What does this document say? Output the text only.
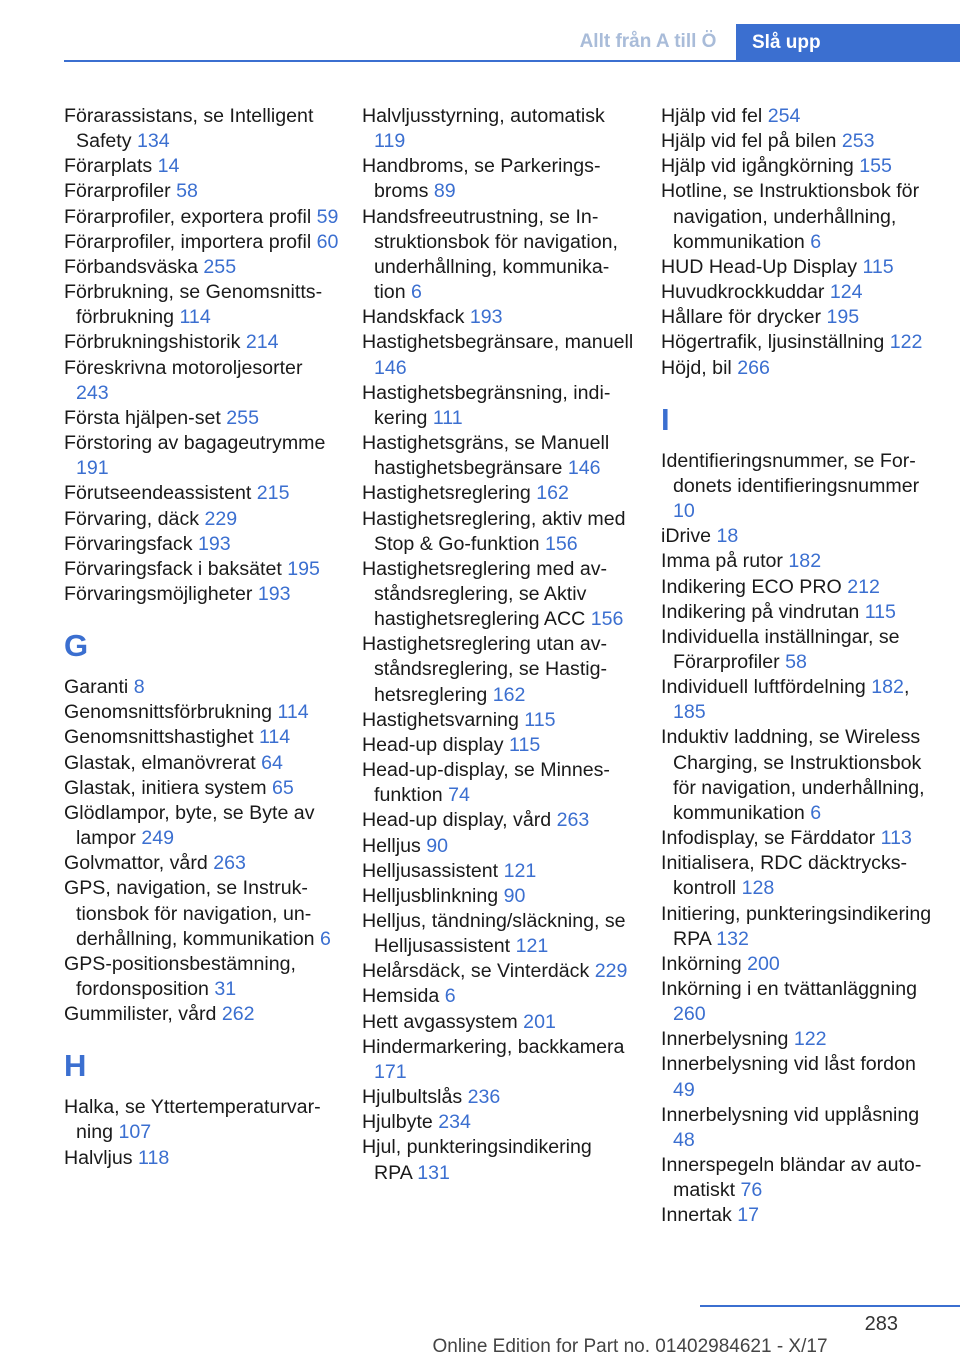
Allt från A till Ö	Slå upp
Förarassistans, se Intelligent Safety 134
Förarplats 14
Förarprofiler 58
Förarprofiler, exportera profil 59
Förarprofiler, importera profil 60
Förbandsväska 255
Förbrukning, se Genomsnittsförbrukning 114
Förbrukningshistorik 214
Föreskrivna motoroljesorter 243
Första hjälpen-set 255
Förstoring av bagageutrymme 191
Förutseendeassistent 215
Förvaring, däck 229
Förvaringsfack 193
Förvaringsfack i baksätet 195
Förvaringsmöjligheter 193
G
Garanti 8
Genomsnittsförbrukning 114
Genomsnittshastighet 114
Glastak, elmanövrerat 64
Glastak, initiera system 65
Glödlampor, byte, se Byte av lampor 249
Golvmattor, vård 263
GPS, navigation, se Instruktionsbok för navigation, underhållning, kommunikation 6
GPS-positionsbestämning, fordonsposition 31
Gummilister, vård 262
H
Halka, se Yttertemperaturvarning 107
Halvljus 118
Halvljusstyrning, automatisk 119
Handbroms, se Parkeringsbroms 89
Handsfreeutrustning, se Instruktionsbok för navigation, underhållning, kommunikation 6
Handskfack 193
Hastighetsbegränsare, manuell 146
Hastighetsbegränsning, indikering 111
Hastighetsgräns, se Manuell hastighetsbegränsare 146
Hastighetsreglering 162
Hastighetsreglering, aktiv med Stop & Go-funktion 156
Hastighetsreglering med avståndsreglering, se Aktiv hastighetsreglering ACC 156
Hastighetsreglering utan avståndsreglering, se Hastighetsreglering 162
Hastighetsvarning 115
Head-up display 115
Head-up-display, se Minnesfunktion 74
Head-up display, vård 263
Helljus 90
Helljusassistent 121
Helljusblinkning 90
Helljus, tändning/släckning, se Helljusassistent 121
Helårsdäck, se Vinterdäck 229
Hemsida 6
Hett avgassystem 201
Hindermarkering, backkamera 171
Hjulbultslås 236
Hjulbyte 234
Hjul, punkteringsindikering RPA 131
Hjälp vid fel 254
Hjälp vid fel på bilen 253
Hjälp vid igångkörning 155
Hotline, se Instruktionsbok för navigation, underhållning, kommunikation 6
HUD Head-Up Display 115
Huvudkrockkuddar 124
Hållare för drycker 195
Högertrafik, ljusinställning 122
Höjd, bil 266
I
Identifieringsnummer, se Fordonets identifieringsnummer 10
iDrive 18
Imma på rutor 182
Indikering ECO PRO 212
Indikering på vindrutan 115
Individuella inställningar, se Förarprofiler 58
Individuell luftfördelning 182, 185
Induktiv laddning, se Wireless Charging, se Instruktionsbok för navigation, underhållning, kommunikation 6
Infodisplay, se Färddator 113
Initialisera, RDC däcktryckskontroll 128
Initiering, punkteringsindikering RPA 132
Inkörning 200
Inkörning i en tvättanläggning 260
Innerbelysning 122
Innerbelysning vid låst fordon 49
Innerbelysning vid upplåsning 48
Innerspegeln bländar av automatiskt 76
Innertak 17
283
Online Edition for Part no. 01402984621 - X/17
